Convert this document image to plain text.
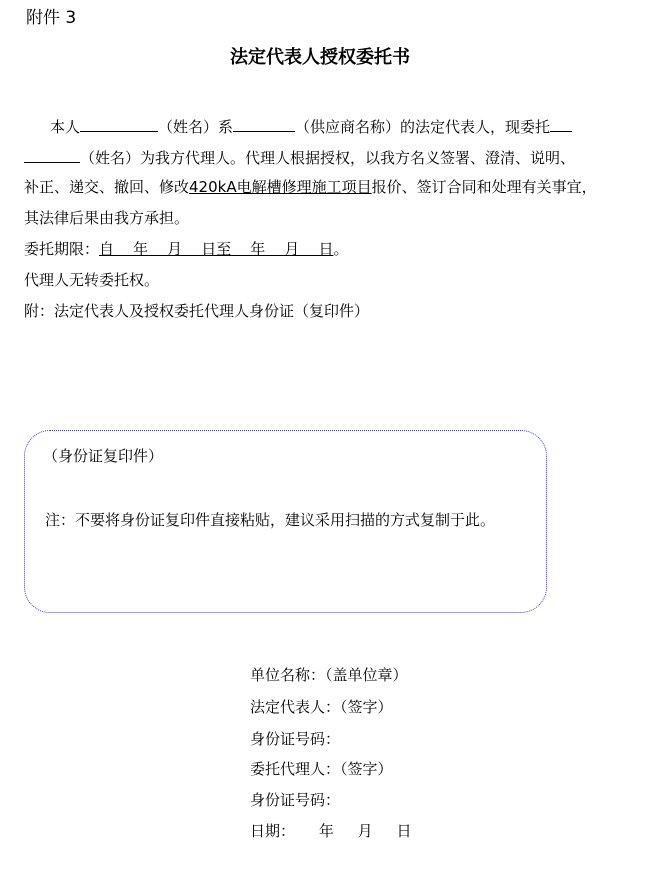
附件 3
法定代表人授权委托书
本人	（姓名）系	（供应商名称）的法定代表人，现委托
（姓名）为我方代理人。代理人根据授权，以我方名义签署、澄清、说明、
补正、递交、撤回、修改420kA电解槽修理施工项目报价、签订合同和处理有关事宜，
其法律后果由我方承担。
委托期限：自    年    月    日至    年    月    日。
代理人无转委托权。
附：法定代表人及授权委托代理人身份证（复印件）
（身份证复印件）
注：不要将身份证复印件直接粘贴，建议采用扫描的方式复制于此。
单位名称：（盖单位章）
法定代表人：（签字）
身份证号码：
委托代理人：（签字）
身份证号码：
日期：     年     月     日
